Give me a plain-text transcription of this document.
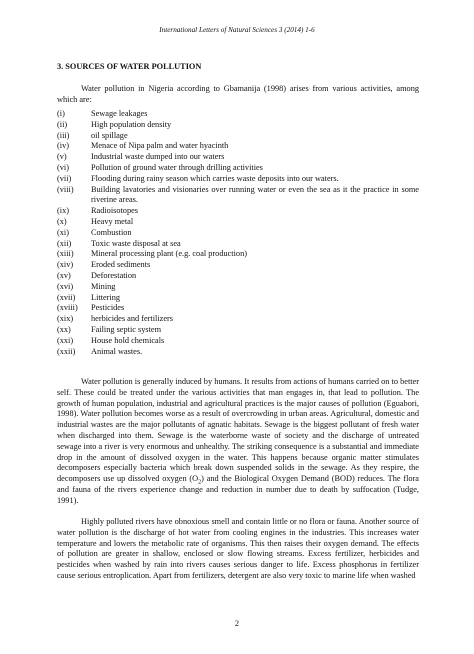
International Letters of Natural Sciences 3 (2014) 1-6
3. SOURCES OF WATER POLLUTION

Water pollution in Nigeria according to Gbamanija (1998) arises from various activities, among which are:

(i)	Sewage leakages
(ii)	High population density
(iii)	oil spillage
(iv)	Menace of Nipa palm and water hyacinth
(v)	Industrial waste dumped into our waters
(vi)	Pollution of ground water through drilling activities
(vii)	Flooding during rainy season which carries waste deposits into our waters.
(viii)	Building lavatories and visionaries over running water or even the sea as it the practice in some riverine areas.
(ix)	Radioisotopes
(x)	Heavy metal
(xi)	Combustion
(xii)	Toxic waste disposal at sea
(xiii)	Mineral processing plant (e.g. coal production)
(xiv)	Eroded sediments
(xv)	Deforestation
(xvi)	Mining
(xvii)	Littering
(xviii)	Pesticides
(xix)	herbicides and fertilizers
(xx)	Failing septic system
(xxi)	House hold chemicals
(xxii)	Animal wastes.

Water pollution is generally induced by humans. It results from actions of humans carried on to better self. These could be treated under the various activities that man engages in, that lead to pollution. The growth of human population, industrial and agricultural practices is the major causes of pollution (Eguabori, 1998). Water pollution becomes worse as a result of overcrowding in urban areas. Agricultural, domestic and industrial wastes are the major pollutants of agnatic habitats. Sewage is the biggest pollutant of fresh water when discharged into them. Sewage is the waterborne waste of society and the discharge of untreated sewage into a river is very enormous and unhealthy. The striking consequence is a substantial and immediate drop in the amount of dissolved oxygen in the water. This happens because organic matter stimulates decomposers especially bacteria which break down suspended solids in the sewage. As they respire, the decomposers use up dissolved oxygen $(O_2)$ and the Biological Oxygen Demand (BOD) reduces. The flora and fauna of the rivers experience change and reduction in number due to death by suffocation (Tudge, 1991).

Highly polluted rivers have obnoxious smell and contain little or no flora or fauna. Another source of water pollution is the discharge of hot water from cooling engines in the industries. This increases water temperature and lowers the metabolic rate of organisms. This then raises their oxygen demand. The effects of pollution are greater in shallow, enclosed or slow flowing streams. Excess fertilizer, herbicides and pesticides when washed by rain into rivers causes serious danger to life. Excess phosphorus in fertilizer cause serious entroplication. Apart from fertilizers, detergent are also very toxic to marine life when washed

2
